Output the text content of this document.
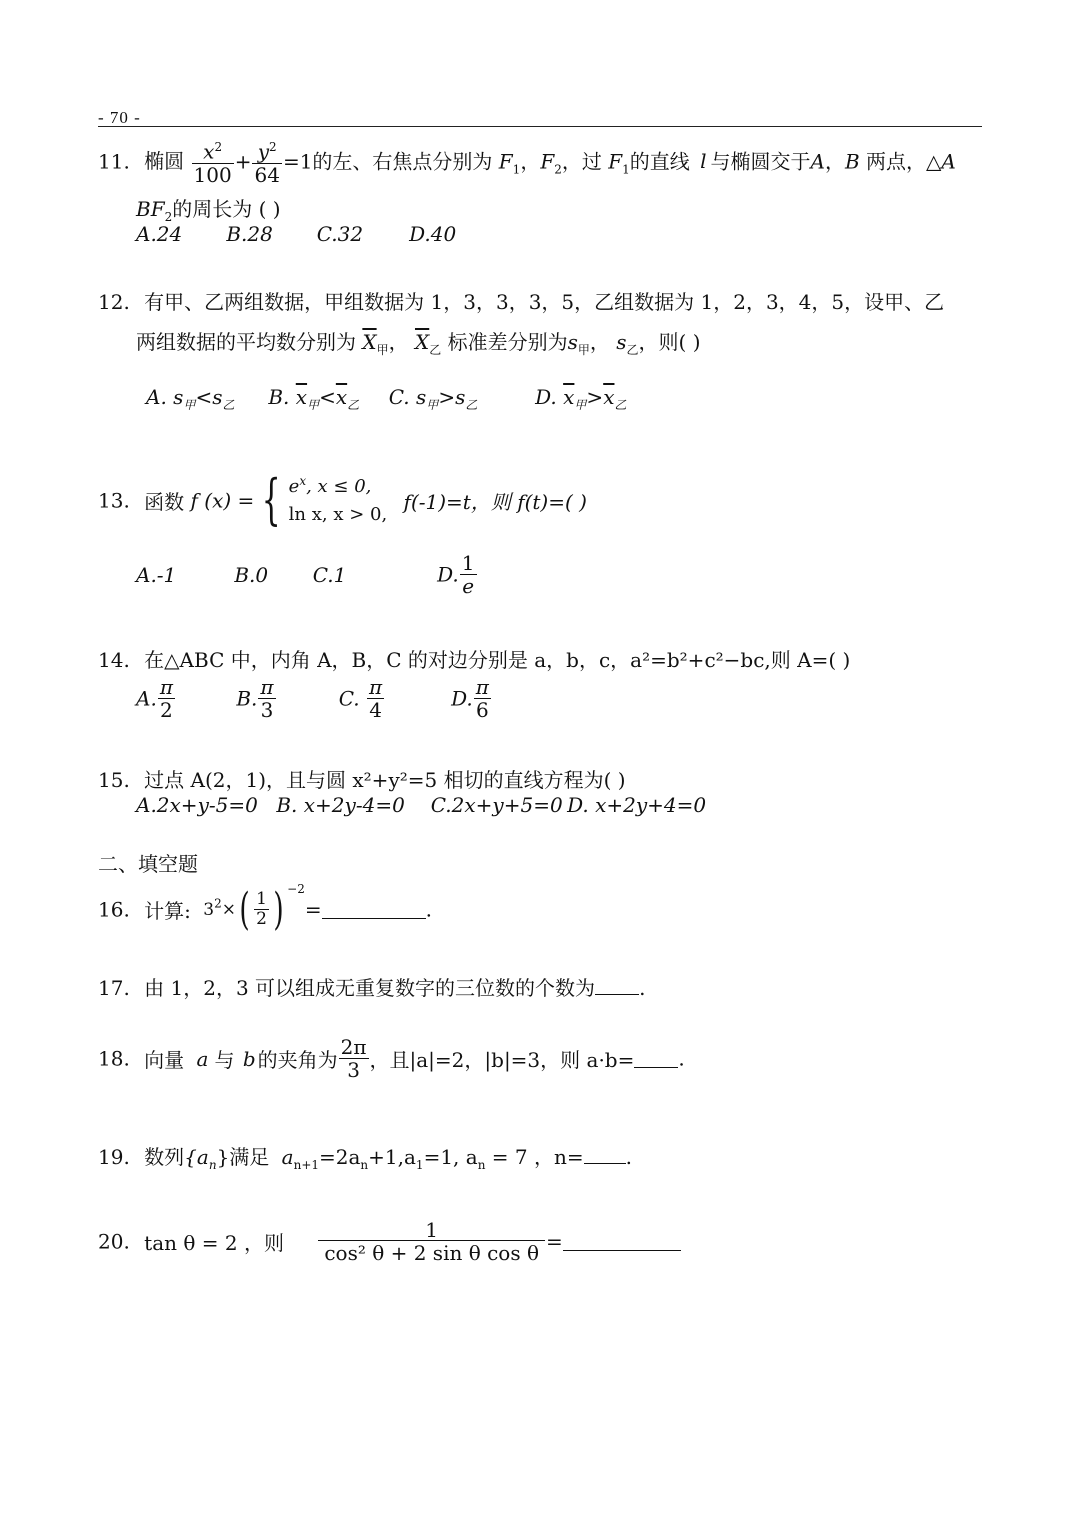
- 70 -
11. 椭圆 $\frac{x^2}{100} + \frac{y^2}{64} =1$的左、右焦点分别为 $F_1$，$F_2$，过 $F_1$的直线 l 与椭圆交于A，B 两点，△A
$BF_2$的周长为 ( )
A.24 B.28 C.32 D.40
12. 有甲、乙两组数据，甲组数据为 1，3，3，3，5，乙组数据为 1，2，3，4，5，设甲、乙
两组数据的平均数分别为 $\overline{X}_甲$， $\overline{X}_乙$ 标准差分别为$s_甲$， $s_乙$，则( )
A. $s_甲<s_乙$ B. $\overline{x}_甲<\overline{x}_乙$ C. $s_甲>s_乙$	D. $\overline{x}_甲>\overline{x}_乙$
13. 函数 f (x) = { $e^x$, x ≤ 0,
ln x, x > 0,
f(-1)=t，则 f(t)=( )
A.-1	B.0 C.1	D. $\frac{1}{e}$
14. 在△ABC 中，内角 A，B，C 的对边分别是 a，b，c，a²=b²+c²−bc,则 A=( )
A. $\frac{\pi}{2}$	B. $\frac{\pi}{3}$	C. $\frac{\pi}{4}$	D. $\frac{\pi}{6}$
15. 过点 A(2，1)，且与圆 x²+y²=5 相切的直线方程为( )
A.2x+y-5=0 B. x+2y-4=0 C.2x+y+5=0 D. x+2y+4=0
二、填空题
16. 计算: $3^2\times( \frac{1}{2}$ ) $^{-2}$=	.
17. 由 1，2，3 可以组成无重复数字的三位数的个数为 .
18. 向量 a 与 b 的夹角为 $\frac{2\pi}{3}$ ，且|a|=2，|b|=3，则 a·b= .
19. 数列$\{a_n\}$满足 $a_{n+1}=2a_n+1,a_1=1$, $a_n = 7$ ，n= .
20. tan θ = 2 ，则 $\frac{1}{\text{cos² θ + 2 sin θ cos θ}}$ =
